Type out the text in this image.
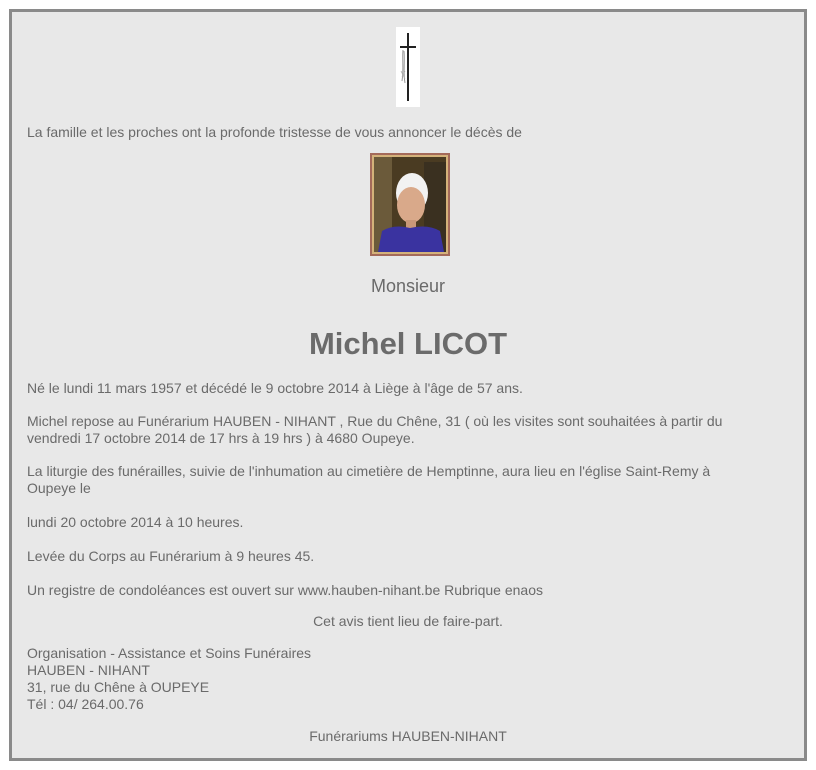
La famille et les proches ont la profonde tristesse de vous annoncer le décès de
Monsieur
Michel LICOT
Né le lundi 11 mars 1957 et décédé le 9 octobre 2014 à Liège à l'âge de 57 ans.
Michel repose au Funérarium HAUBEN - NIHANT , Rue du Chêne, 31 ( où les visites sont souhaitées à partir du
vendredi 17 octobre 2014 de 17 hrs à 19 hrs ) à 4680 Oupeye.
La liturgie des funérailles, suivie de l'inhumation au cimetière de Hemptinne, aura lieu en l'église Saint-Remy à
Oupeye le
lundi 20 octobre 2014 à 10 heures.
Levée du Corps au Funérarium à 9 heures 45.
Un registre de condoléances est ouvert sur www.hauben-nihant.be Rubrique enaos
Cet avis tient lieu de faire-part.
Organisation - Assistance et Soins Funéraires
HAUBEN - NIHANT
31, rue du Chêne à OUPEYE
Tél : 04/ 264.00.76
Funérariums HAUBEN-NIHANT
